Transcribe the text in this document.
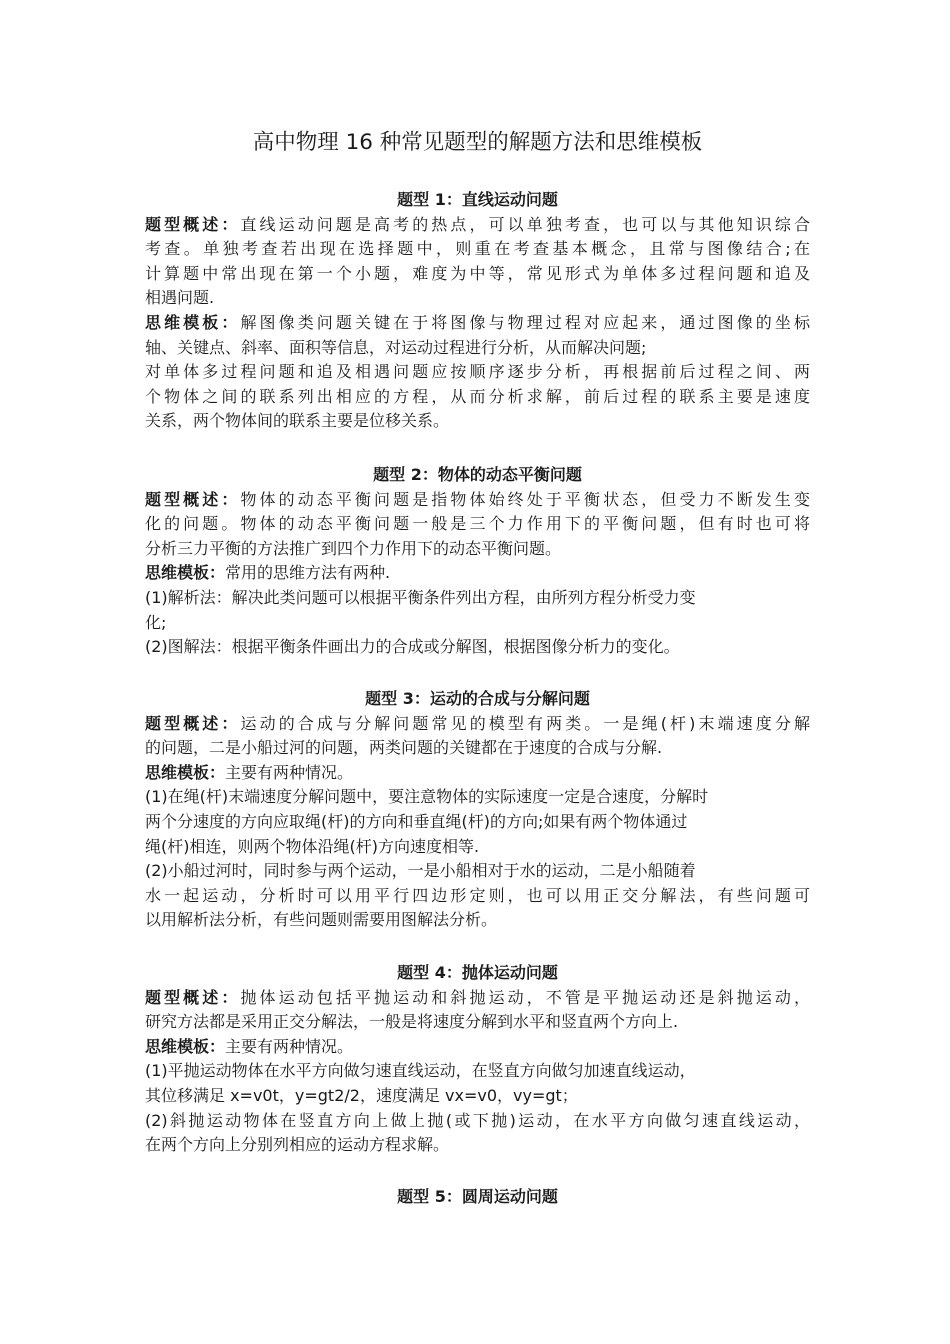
高中物理 16 种常见题型的解题方法和思维模板
题型 1：直线运动问题
题型概述：直线运动问题是高考的热点，可以单独考查，也可以与其他知识综合
考查。单独考查若出现在选择题中，则重在考查基本概念，且常与图像结合;在
计算题中常出现在第一个小题，难度为中等，常见形式为单体多过程问题和追及
相遇问题.
思维模板：解图像类问题关键在于将图像与物理过程对应起来，通过图像的坐标
轴、关键点、斜率、面积等信息，对运动过程进行分析，从而解决问题;
对单体多过程问题和追及相遇问题应按顺序逐步分析，再根据前后过程之间、两
个物体之间的联系列出相应的方程，从而分析求解，前后过程的联系主要是速度
关系，两个物体间的联系主要是位移关系。
题型 2：物体的动态平衡问题
题型概述：物体的动态平衡问题是指物体始终处于平衡状态，但受力不断发生变
化的问题。物体的动态平衡问题一般是三个力作用下的平衡问题，但有时也可将
分析三力平衡的方法推广到四个力作用下的动态平衡问题。
思维模板：常用的思维方法有两种.
(1)解析法：解决此类问题可以根据平衡条件列出方程，由所列方程分析受力变
化;
(2)图解法：根据平衡条件画出力的合成或分解图，根据图像分析力的变化。
题型 3：运动的合成与分解问题
题型概述：运动的合成与分解问题常见的模型有两类。一是绳(杆)末端速度分解
的问题，二是小船过河的问题，两类问题的关键都在于速度的合成与分解.
思维模板：主要有两种情况。
(1)在绳(杆)末端速度分解问题中，要注意物体的实际速度一定是合速度，分解时
两个分速度的方向应取绳(杆)的方向和垂直绳(杆)的方向;如果有两个物体通过
绳(杆)相连，则两个物体沿绳(杆)方向速度相等.
(2)小船过河时，同时参与两个运动，一是小船相对于水的运动，二是小船随着
水一起运动，分析时可以用平行四边形定则，也可以用正交分解法，有些问题可
以用解析法分析，有些问题则需要用图解法分析。
题型 4：抛体运动问题
题型概述：抛体运动包括平抛运动和斜抛运动，不管是平抛运动还是斜抛运动，
研究方法都是采用正交分解法，一般是将速度分解到水平和竖直两个方向上.
思维模板：主要有两种情况。
(1)平抛运动物体在水平方向做匀速直线运动，在竖直方向做匀加速直线运动，
其位移满足 x=v0t，y=gt2/2，速度满足 vx=v0，vy=gt；
(2)斜抛运动物体在竖直方向上做上抛(或下抛)运动，在水平方向做匀速直线运动，
在两个方向上分别列相应的运动方程求解。
题型 5：圆周运动问题
